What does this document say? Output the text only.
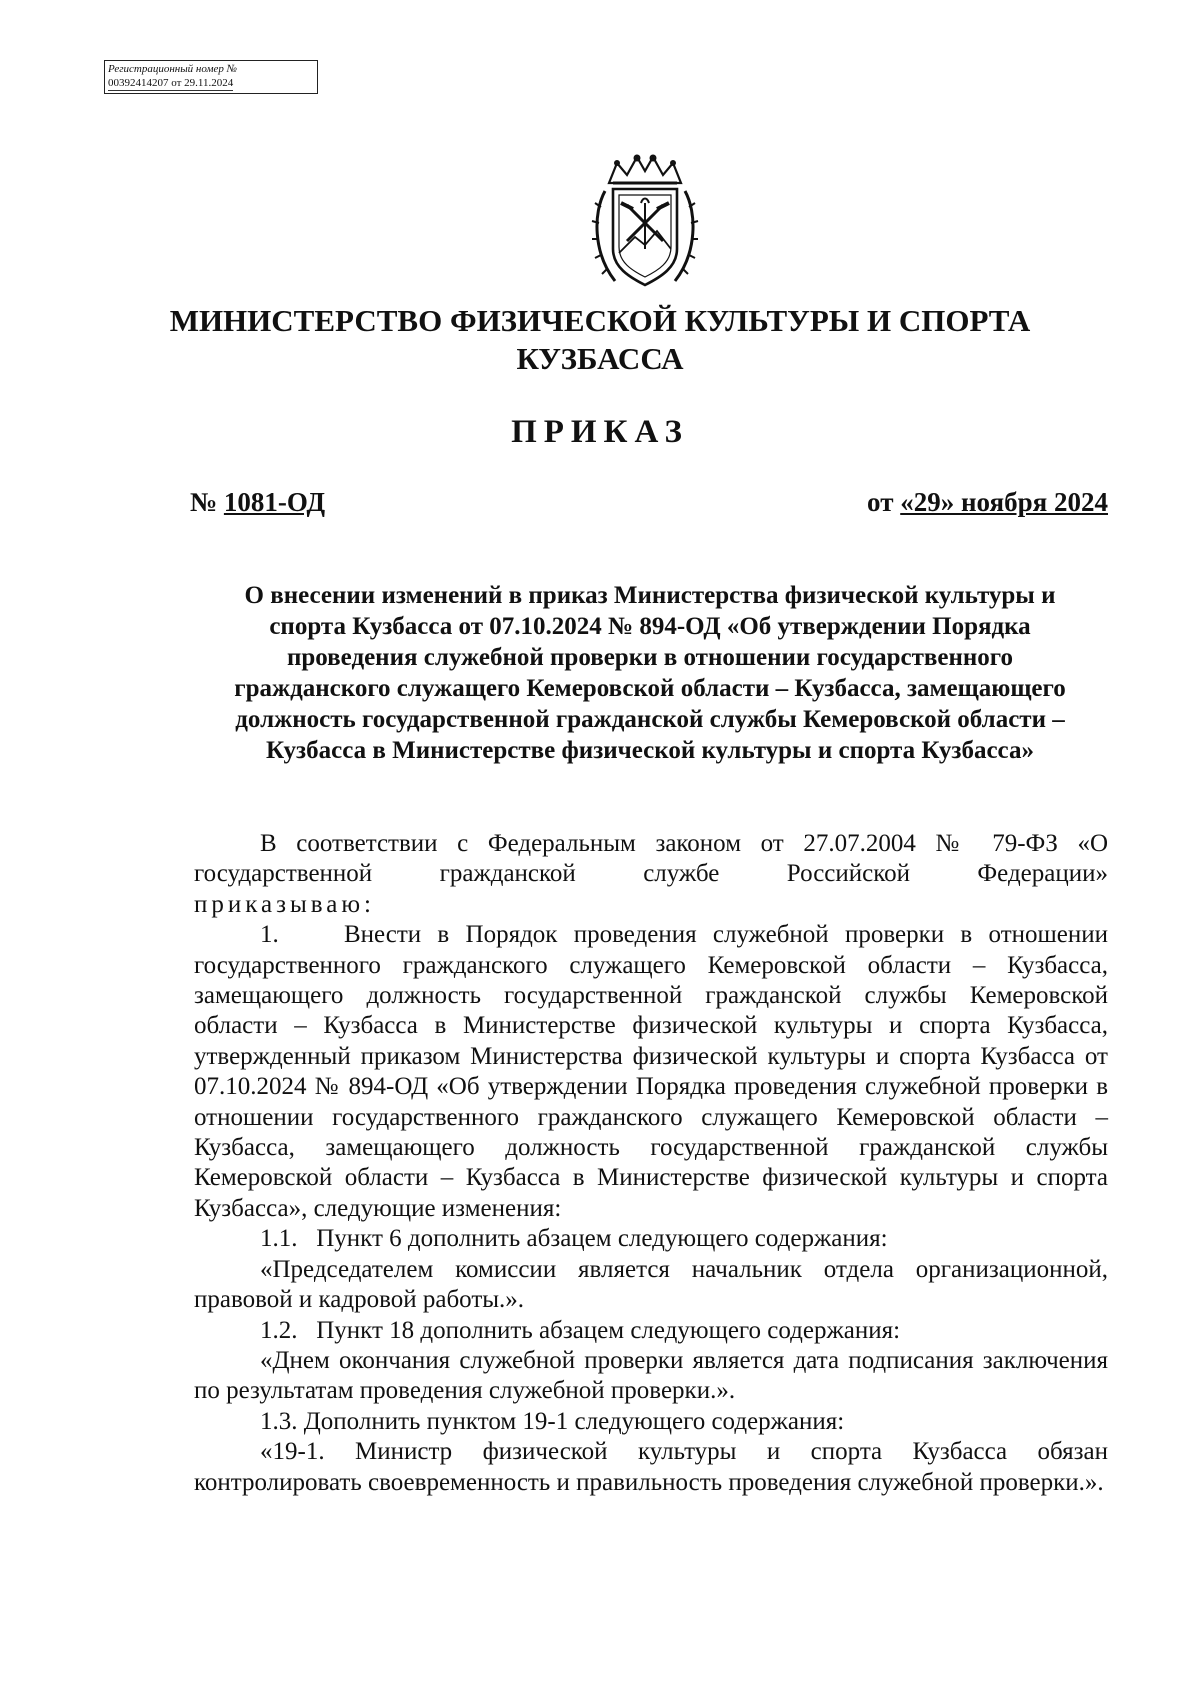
Регистрационный номер №
00392414207 от 29.11.2024
МИНИСТЕРСТВО ФИЗИЧЕСКОЙ КУЛЬТУРЫ И СПОРТА
КУЗБАССА
ПРИКАЗ
№ 1081-ОД	от «29» ноября 2024
О внесении изменений в приказ Министерства физической культуры и
спорта Кузбасса от 07.10.2024 № 894-ОД «Об утверждении Порядка
проведения служебной проверки в отношении государственного
гражданского служащего Кемеровской области – Кузбасса, замещающего
должность государственной гражданской службы Кемеровской области –
Кузбасса в Министерстве физической культуры и спорта Кузбасса»

В соответствии с Федеральным законом от 27.07.2004 № 79-ФЗ «О

государственной гражданской службе Российской Федерации»

приказываю:

1.    Внести в Порядок проведения служебной проверки в отношении государственного гражданского служащего Кемеровской области – Кузбасса, замещающего должность государственной гражданской службы Кемеровской области – Кузбасса в Министерстве физической культуры и спорта Кузбасса, утвержденный приказом Министерства физической культуры и спорта Кузбасса от 07.10.2024 № 894-ОД «Об утверждении Порядка проведения служебной проверки в отношении государственного гражданского служащего Кемеровской области – Кузбасса, замещающего должность государственной гражданской службы Кемеровской области – Кузбасса в Министерстве физической культуры и спорта Кузбасса», следующие изменения:

1.1.   Пункт 6 дополнить абзацем следующего содержания:

«Председателем комиссии является начальник отдела организационной, правовой и кадровой работы.».

1.2.   Пункт 18 дополнить абзацем следующего содержания:

«Днем окончания служебной проверки является дата подписания заключения по результатам проведения служебной проверки.».

1.3. Дополнить пунктом 19-1 следующего содержания:

«19-1. Министр физической культуры и спорта Кузбасса обязан контролировать своевременность и правильность проведения служебной проверки.».
